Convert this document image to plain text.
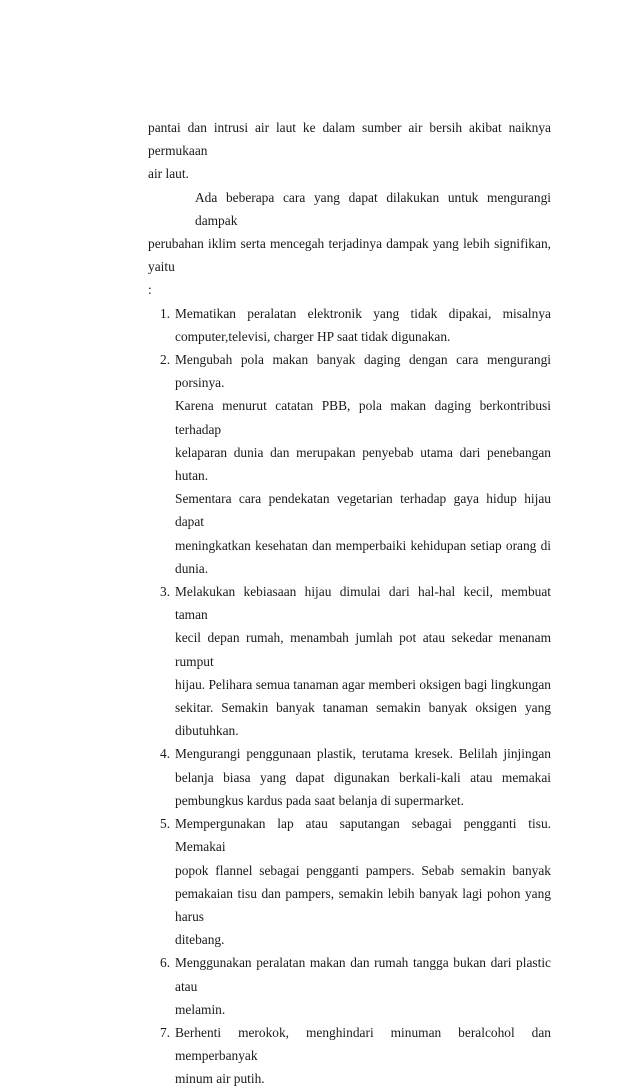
pantai dan intrusi air laut ke dalam sumber air bersih akibat naiknya permukaan
air laut.
Ada beberapa cara yang dapat dilakukan untuk mengurangi dampak
perubahan iklim serta mencegah terjadinya dampak yang lebih signifikan, yaitu
:
1. Mematikan peralatan elektronik yang tidak dipakai, misalnya
computer,televisi, charger HP saat tidak digunakan.
2. Mengubah pola makan banyak daging dengan cara mengurangi porsinya.
Karena menurut catatan PBB, pola makan daging berkontribusi terhadap
kelaparan dunia dan merupakan penyebab utama dari penebangan hutan.
Sementara cara pendekatan vegetarian terhadap gaya hidup hijau dapat
meningkatkan kesehatan dan memperbaiki kehidupan setiap orang di
dunia.
3. Melakukan kebiasaan hijau dimulai dari hal-hal kecil, membuat taman
kecil depan rumah, menambah jumlah pot atau sekedar menanam rumput
hijau. Pelihara semua tanaman agar memberi oksigen bagi lingkungan
sekitar. Semakin banyak tanaman semakin banyak oksigen yang
dibutuhkan.
4. Mengurangi penggunaan plastik, terutama kresek. Belilah jinjingan
belanja biasa yang dapat digunakan berkali-kali atau memakai
pembungkus kardus pada saat belanja di supermarket.
5. Mempergunakan lap atau saputangan sebagai pengganti tisu. Memakai
popok flannel sebagai pengganti pampers. Sebab semakin banyak
pemakaian tisu dan pampers, semakin lebih banyak lagi pohon yang harus
ditebang.
6. Menggunakan peralatan makan dan rumah tangga bukan dari plastic atau
melamin.
7. Berhenti merokok, menghindari minuman beralcohol dan memperbanyak
minum air putih.
